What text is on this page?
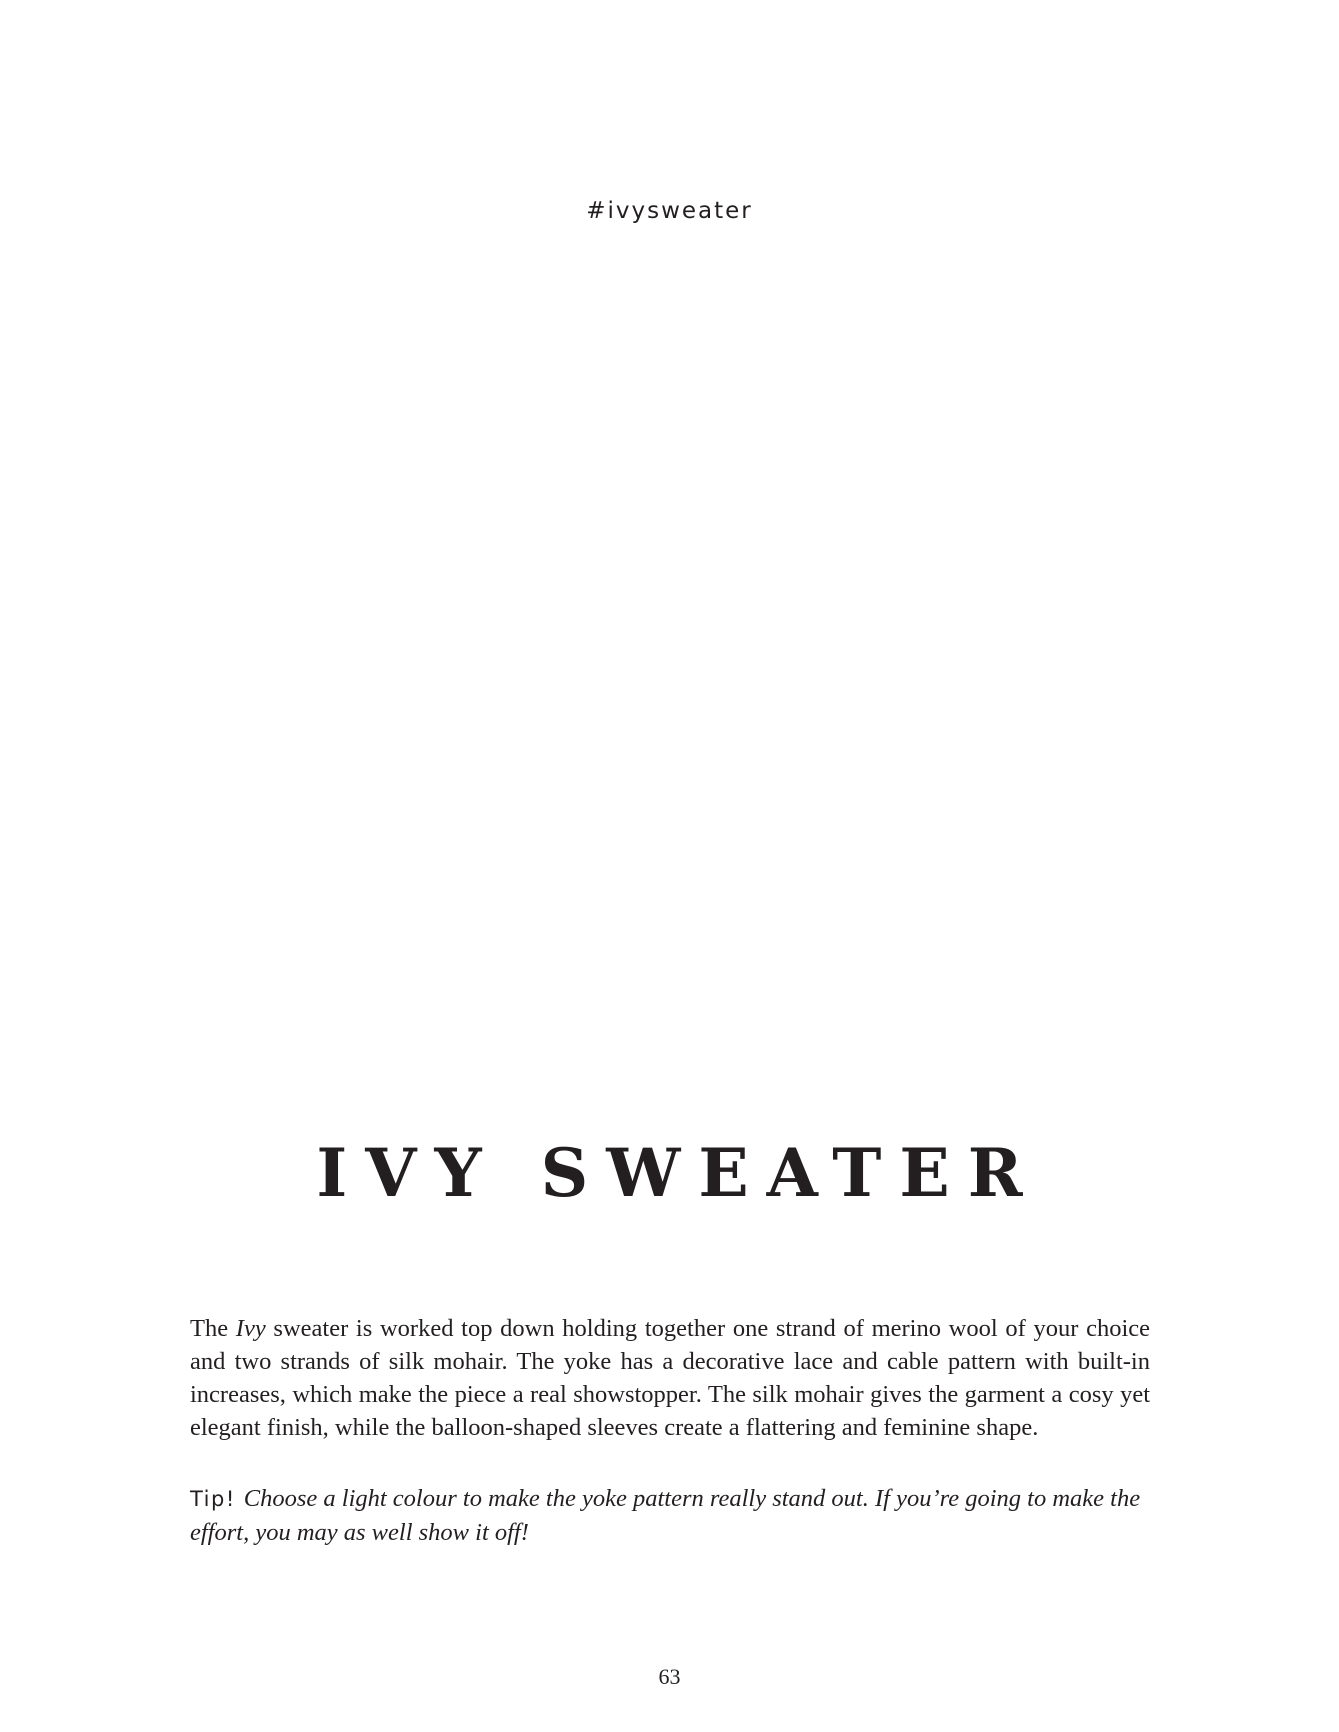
#ivysweater
IVY SWEATER

The Ivy sweater is worked top down holding together one strand of merino wool of your choice and two strands of silk mohair. The yoke has a decorative lace and cable pattern with built-in increases, which make the piece a real showstopper. The silk mohair gives the garment a cosy yet elegant finish, while the balloon-shaped sleeves create a flattering and feminine shape.

Tip! Choose a light colour to make the yoke pattern really stand out. If you’re going to make the effort, you may as well show it off!

63
